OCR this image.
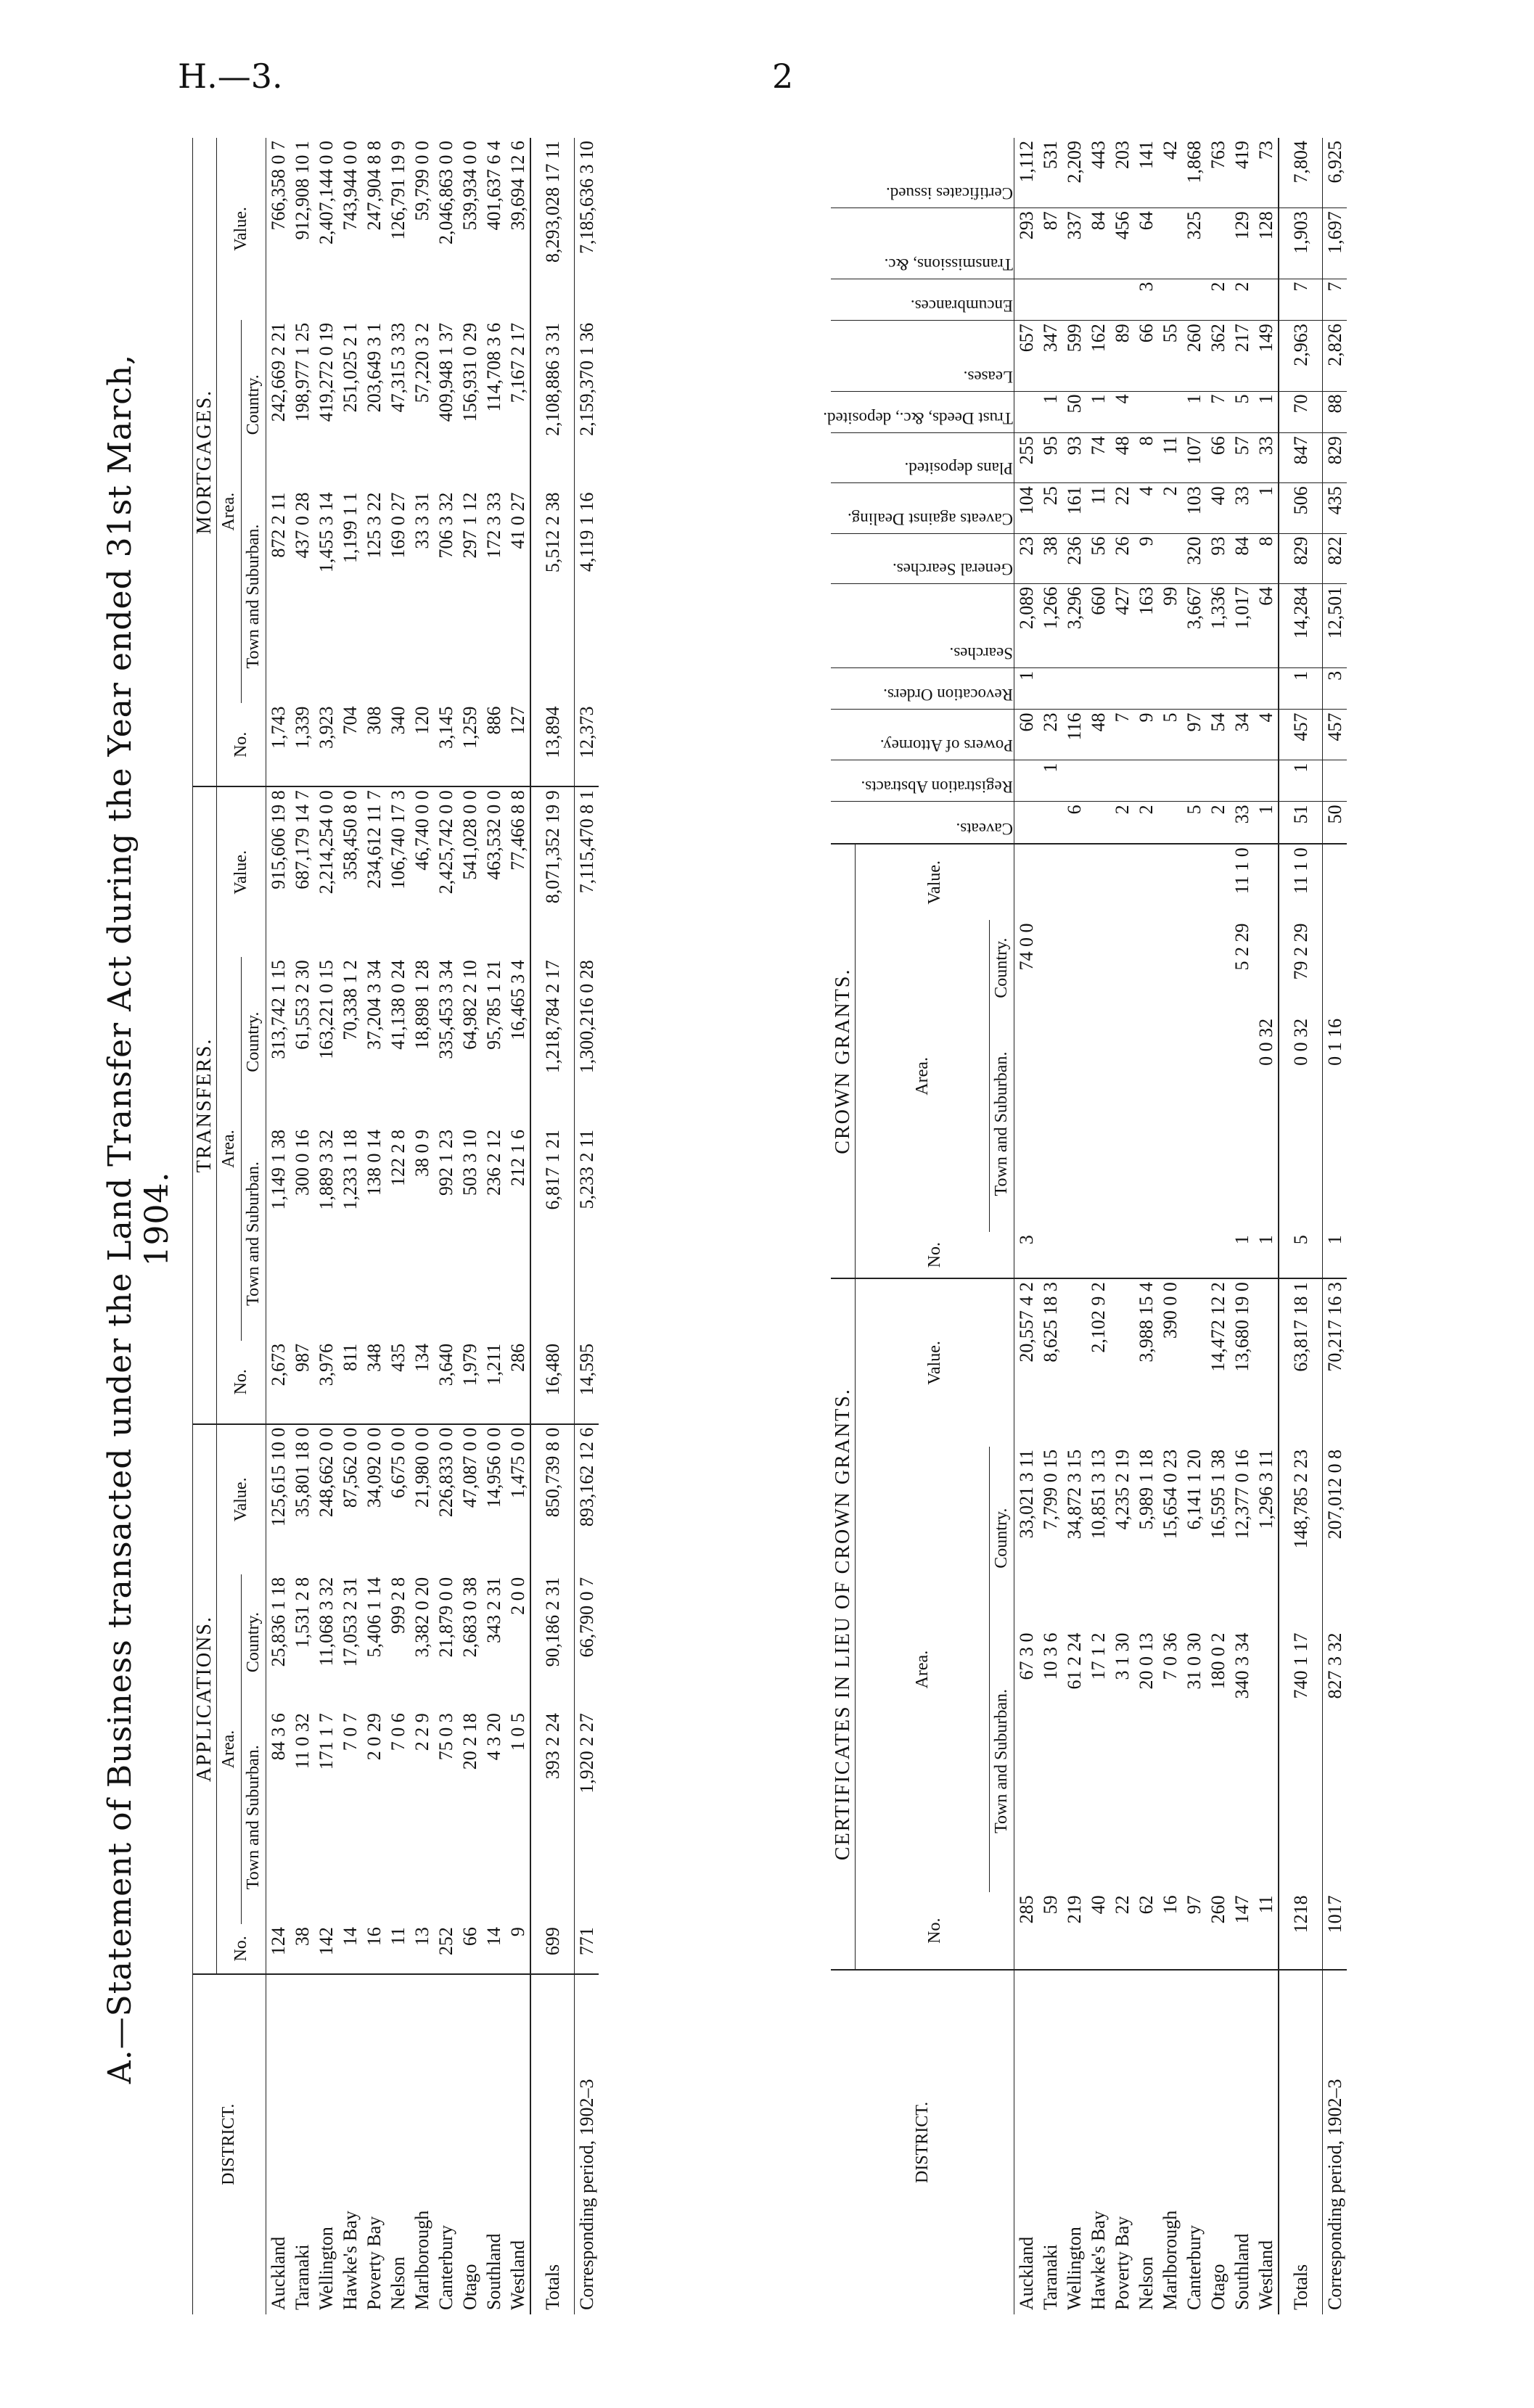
H.—3.	2
A.—Statement of Business transacted under the Land Transfer Act during the Year ended 31st March, 1904.
DISTRICT.	APPLICATIONS.				TRANSFERS.				MORTGAGES.			
	No.	Area.		Value.	No.	Area.		Value.	No.	Area.		Value.
		Town and Suburban.	Country.			Town and Suburban.	Country.			Town and Suburban.	Country.	
Auckland	124	84 3 6	25,836 1 18	125,615 10 0	2,673	1,149 1 38	313,742 1 15	915,606 19 8	1,743	872 2 11	242,669 2 21	766,358 0 7
Taranaki	38	11 0 32	1,531 2 8	35,801 18 0	987	300 0 16	61,553 2 30	687,179 14 7	1,339	437 0 28	198,977 1 25	912,908 10 1
Wellington	142	171 1 7	11,068 3 32	248,662 0 0	3,976	1,889 3 32	163,221 0 15	2,214,254 0 0	3,923	1,455 3 14	419,272 0 19	2,407,144 0 0
Hawke's Bay	14	7 0 7	17,053 2 31	87,562 0 0	811	1,233 1 18	70,338 1 2	358,450 8 0	704	1,199 1 1	251,025 2 1	743,944 0 0
Poverty Bay	16	2 0 29	5,406 1 14	34,092 0 0	348	138 0 14	37,204 3 34	234,612 11 7	308	125 3 22	203,649 3 1	247,904 8 8
Nelson	11	7 0 6	999 2 8	6,675 0 0	435	122 2 8	41,138 0 24	106,740 17 3	340	169 0 27	47,315 3 33	126,791 19 9
Marlborough	13	2 2 9	3,382 0 20	21,980 0 0	134	38 0 9	18,898 1 28	46,740 0 0	120	33 3 31	57,220 3 2	59,799 0 0
Canterbury	252	75 0 3	21,879 0 0	226,833 0 0	3,640	992 1 23	335,453 3 34	2,425,742 0 0	3,145	706 3 32	409,948 1 37	2,046,863 0 0
Otago	66	20 2 18	2,683 0 38	47,087 0 0	1,979	503 3 10	64,982 2 10	541,028 0 0	1,259	297 1 12	156,931 0 29	539,934 0 0
Southland	14	4 3 20	343 2 31	14,956 0 0	1,211	236 2 12	95,785 1 21	463,532 0 0	886	172 3 33	114,708 3 6	401,637 6 4
Westland	9	1 0 5	2 0 0	1,475 0 0	286	212 1 6	16,465 3 4	77,466 8 8	127	41 0 27	7,167 2 17	39,694 12 6
Totals	699	393 2 24	90,186 2 31	850,739 8 0	16,480	6,817 1 21	1,218,784 2 17	8,071,352 19 9	13,894	5,512 2 38	2,108,886 3 31	8,293,028 17 11
Corresponding period, 1902–3	771	1,920 2 27	66,790 0 7	893,162 12 6	14,595	5,233 2 11	1,300,216 0 28	7,115,470 8 1	12,373	4,119 1 16	2,159,370 1 36	7,185,636 3 10
DISTRICT.	CERTIFICATES IN LIEU OF CROWN GRANTS.				CROWN GRANTS.				Caveats.	Registration Abstracts.	Powers of Attorney.	Revocation Orders.	Searches.	General Searches.	Caveats against Dealing.	Plans deposited.	Trust Deeds, &c., deposited.	Leases.	Encumbrances.	Transmissions, &c.	Certificates issued.

	No.	Area.		Value.	No.	Area.		Value.													
		Town and Suburban.	Country.			Town and Suburban.	Country.														
Auckland	285	67 3 0	33,021 3 11	20,557 4 2	3		74 0 0				60	1	2,089	23	104	255		657		293	1,112
Taranaki	59	10 3 6	7,799 0 15	8,625 18 3						1	23		1,266	38	25	95	1	347		87	531
Wellington	219	61 2 24	34,872 3 15						6		116		3,296	236	161	93	50	599		337	2,209
Hawke's Bay	40	17 1 2	10,851 3 13	2,102 9 2							48		660	56	11	74	1	162		84	443
Poverty Bay	22	3 1 30	4,235 2 19						2		7		427	26	22	48	4	89		456	203
Nelson	62	20 0 13	5,989 1 18	3,988 15 4					2		9		163	9	4	8		66	3	64	141
Marlborough	16	7 0 36	15,654 0 23	390 0 0							5		99		2	11		55			42
Canterbury	97	31 0 30	6,141 1 20						5		97		3,667	320	103	107	1	260		325	1,868
Otago	260	180 0 2	16,595 1 38	14,472 12 2					2		54		1,336	93	40	66	7	362	2		763
Southland	147	340 3 34	12,377 0 16	13,680 19 0	1		5 2 29	11 1 0	33		34		1,017	84	33	57	5	217	2	129	419
Westland	11		1,296 3 11		1	0 0 32			1		4		64	8	1	33	1	149		128	73
Totals	1218	740 1 17	148,785 2 23	63,817 18 1	5	0 0 32	79 2 29	11 1 0	51	1	457	1	14,284	829	506	847	70	2,963	7	1,903	7,804
Corresponding period, 1902–3	1017	827 3 32	207,012 0 8	70,217 16 3	1	0 1 16			50		457	3	12,501	822	435	829	88	2,826	7	1,697	6,925
